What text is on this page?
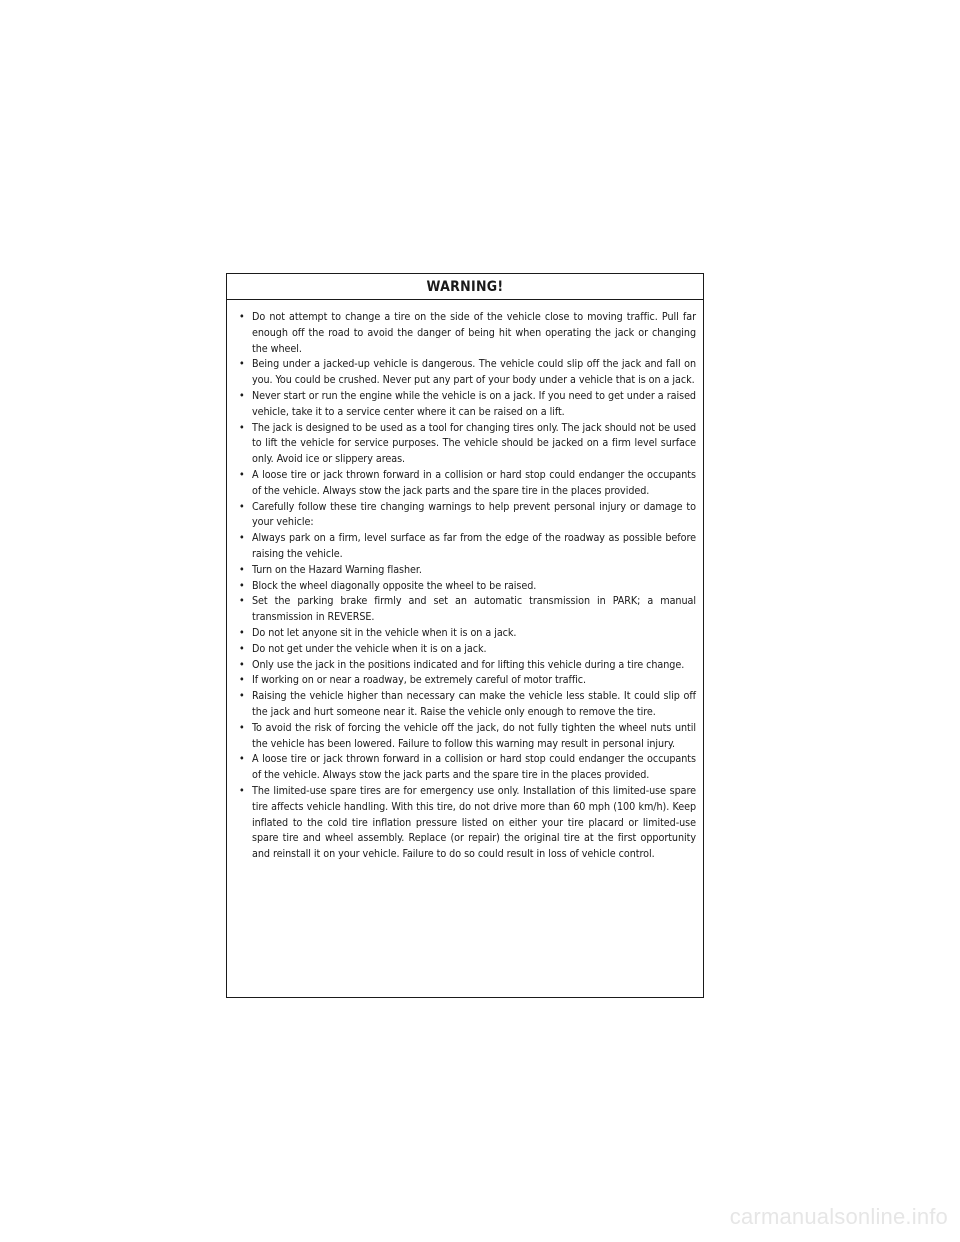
WARNING!
• Do not attempt to change a tire on the side of the vehicle close to moving traffic. Pull far enough off the road to avoid the danger of being hit when operating the jack or changing the wheel.
• Being under a jacked-up vehicle is dangerous. The vehicle could slip off the jack and fall on you. You could be crushed. Never put any part of your body under a vehicle that is on a jack.
• Never start or run the engine while the vehicle is on a jack. If you need to get under a raised vehicle, take it to a service center where it can be raised on a lift.
• The jack is designed to be used as a tool for changing tires only. The jack should not be used to lift the vehicle for service purposes. The vehicle should be jacked on a firm level surface only. Avoid ice or slippery areas.
• A loose tire or jack thrown forward in a collision or hard stop could endanger the occupants of the vehicle. Always stow the jack parts and the spare tire in the places provided.
• Carefully follow these tire changing warnings to help prevent personal injury or damage to your vehicle:
• Always park on a firm, level surface as far from the edge of the roadway as possible before raising the vehicle.
• Turn on the Hazard Warning flasher.
• Block the wheel diagonally opposite the wheel to be raised.
• Set the parking brake firmly and set an automatic transmission in PARK; a manual transmission in REVERSE.
• Do not let anyone sit in the vehicle when it is on a jack.
• Do not get under the vehicle when it is on a jack.
• Only use the jack in the positions indicated and for lifting this vehicle during a tire change.
• If working on or near a roadway, be extremely careful of motor traffic.
• Raising the vehicle higher than necessary can make the vehicle less stable. It could slip off the jack and hurt someone near it. Raise the vehicle only enough to remove the tire.
• To avoid the risk of forcing the vehicle off the jack, do not fully tighten the wheel nuts until the vehicle has been lowered. Failure to follow this warning may result in personal injury.
• A loose tire or jack thrown forward in a collision or hard stop could endanger the occupants of the vehicle. Always stow the jack parts and the spare tire in the places provided.
• The limited-use spare tires are for emergency use only. Installation of this limited-use spare tire affects vehicle handling. With this tire, do not drive more than 60 mph (100 km/h). Keep inflated to the cold tire inflation pressure listed on either your tire placard or limited-use spare tire and wheel assembly. Replace (or repair) the original tire at the first opportunity and reinstall it on your vehicle. Failure to do so could result in loss of vehicle control.
carmanualsonline.info
